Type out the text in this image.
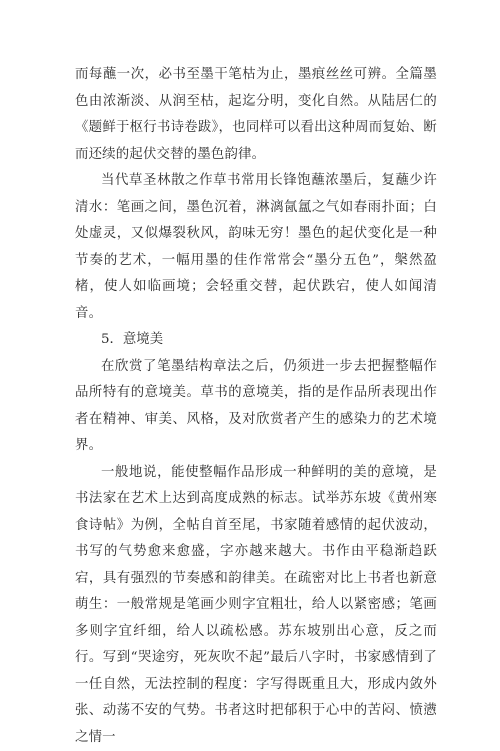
而每蘸一次，必书至墨干笔枯为止，墨痕丝丝可辨。全篇墨色由浓渐淡、从润至枯，起迄分明，变化自然。从陆居仁的《题鲜于枢行书诗卷跋》，也同样可以看出这种周而复始、断而还续的起伏交替的墨色韵律。

当代草圣林散之作草书常用长锋饱蘸浓墨后，复蘸少许清水：笔画之间，墨色沉着，淋漓氤氲之气如春雨扑面；白处虚灵，又似爆裂秋风，韵味无穷！墨色的起伏变化是一种节奏的艺术，一幅用墨的佳作常常会“墨分五色”，槃然盈楮，使人如临画境；会轻重交替，起伏跌宕，使人如闻清音。

5．意境美

在欣赏了笔墨结构章法之后，仍须进一步去把握整幅作品所特有的意境美。草书的意境美，指的是作品所表现出作者在精神、审美、风格，及对欣赏者产生的感染力的艺术境界。

一般地说，能使整幅作品形成一种鲜明的美的意境，是书法家在艺术上达到高度成熟的标志。试举苏东坡《黄州寒食诗帖》为例，全帖自首至尾，书家随着感情的起伏波动，书写的气势愈来愈盛，字亦越来越大。书作由平稳渐趋跃宕，具有强烈的节奏感和韵律美。在疏密对比上书者也新意萌生：一般常规是笔画少则字宜粗壮，给人以紧密感；笔画多则字宜纤细，给人以疏松感。苏东坡别出心意，反之而行。写到“哭途穷，死灰吹不起”最后八字时，书家感情到了一任自然，无法控制的程度：字写得既重且大，形成内敛外张、动荡不安的气势。书者这时把郁积于心中的苦闷、愤懑之情一
